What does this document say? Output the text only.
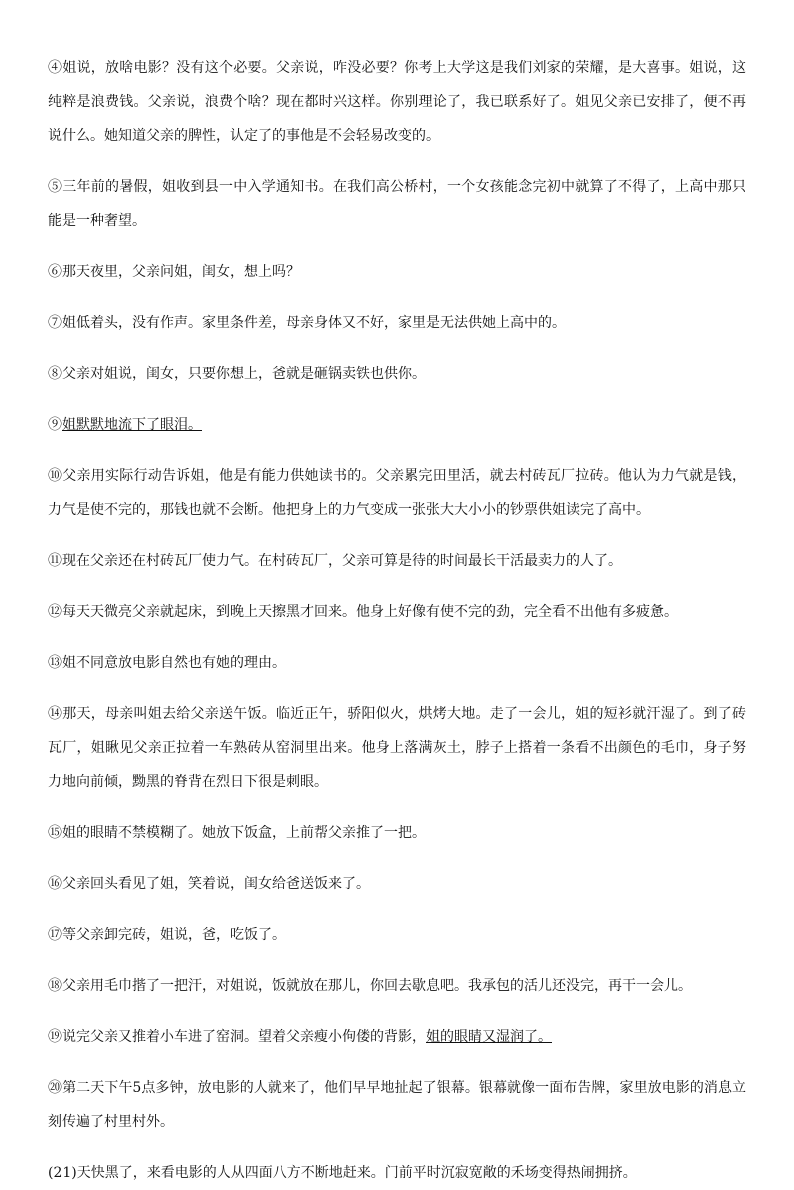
④姐说，放啥电影？没有这个必要。父亲说，咋没必要？你考上大学这是我们刘家的荣耀，是大喜事。姐说，这纯粹是浪费钱。父亲说，浪费个啥？现在都时兴这样。你别理论了，我已联系好了。姐见父亲已安排了，便不再说什么。她知道父亲的脾性，认定了的事他是不会轻易改变的。

⑤三年前的暑假，姐收到县一中入学通知书。在我们高公桥村，一个女孩能念完初中就算了不得了，上高中那只能是一种奢望。

⑥那天夜里，父亲问姐，闺女，想上吗？

⑦姐低着头，没有作声。家里条件差，母亲身体又不好，家里是无法供她上高中的。

⑧父亲对姐说，闺女，只要你想上，爸就是砸锅卖铁也供你。

⑨姐默默地流下了眼泪。

⑩父亲用实际行动告诉姐，他是有能力供她读书的。父亲累完田里活，就去村砖瓦厂拉砖。他认为力气就是钱，力气是使不完的，那钱也就不会断。他把身上的力气变成一张张大大小小的钞票供姐读完了高中。

⑪现在父亲还在村砖瓦厂使力气。在村砖瓦厂，父亲可算是待的时间最长干活最卖力的人了。

⑫每天天微亮父亲就起床，到晚上天擦黑才回来。他身上好像有使不完的劲，完全看不出他有多疲惫。

⑬姐不同意放电影自然也有她的理由。

⑭那天，母亲叫姐去给父亲送午饭。临近正午，骄阳似火，烘烤大地。走了一会儿，姐的短衫就汗湿了。到了砖瓦厂，姐瞅见父亲正拉着一车熟砖从窑洞里出来。他身上落满灰土，脖子上搭着一条看不出颜色的毛巾，身子努力地向前倾，黝黑的脊背在烈日下很是刺眼。

⑮姐的眼睛不禁模糊了。她放下饭盒，上前帮父亲推了一把。

⑯父亲回头看见了姐，笑着说，闺女给爸送饭来了。

⑰等父亲卸完砖，姐说，爸，吃饭了。

⑱父亲用毛巾揩了一把汗，对姐说，饭就放在那儿，你回去歇息吧。我承包的活儿还没完，再干一会儿。

⑲说完父亲又推着小车进了窑洞。望着父亲瘦小佝偻的背影，姐的眼睛又湿润了。

⑳第二天下午5点多钟，放电影的人就来了，他们早早地扯起了银幕。银幕就像一面布告牌，家里放电影的消息立刻传遍了村里村外。

(21)天快黑了，来看电影的人从四面八方不断地赶来。门前平时沉寂宽敞的禾场变得热闹拥挤。
